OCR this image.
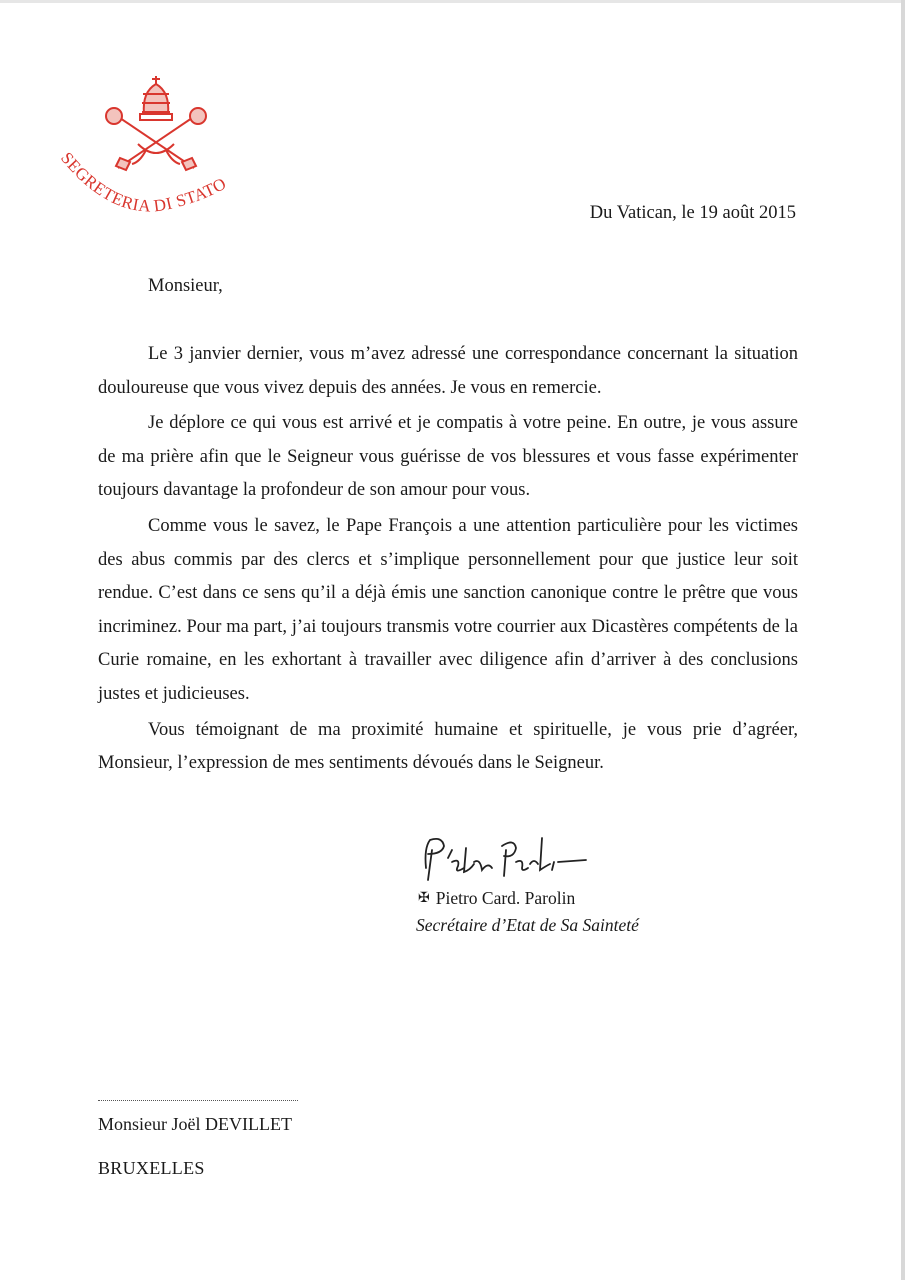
SEGRETERIA DI STATO
Du Vatican, le 19 août 2015
Monsieur,

Le 3 janvier dernier, vous m’avez adressé une correspondance concernant la situation douloureuse que vous vivez depuis des années. Je vous en remercie.

Je déplore ce qui vous est arrivé et je compatis à votre peine. En outre, je vous assure de ma prière afin que le Seigneur vous guérisse de vos blessures et vous fasse expérimenter toujours davantage la profondeur de son amour pour vous.

Comme vous le savez, le Pape François a une attention particulière pour les victimes des abus commis par des clercs et s’implique personnellement pour que justice leur soit rendue. C’est dans ce sens qu’il a déjà émis une sanction canonique contre le prêtre que vous incriminez. Pour ma part, j’ai toujours transmis votre courrier aux Dicastères compétents de la Curie romaine, en les exhortant à travailler avec diligence afin d’arriver à des conclusions justes et judicieuses.

Vous témoignant de ma proximité humaine et spirituelle, je vous prie d’agréer, Monsieur, l’expression de mes sentiments dévoués dans le Seigneur.

✠ Pietro Card. Parolin
Secrétaire d’Etat de Sa Sainteté
Monsieur Joël DEVILLET
BRUXELLES
